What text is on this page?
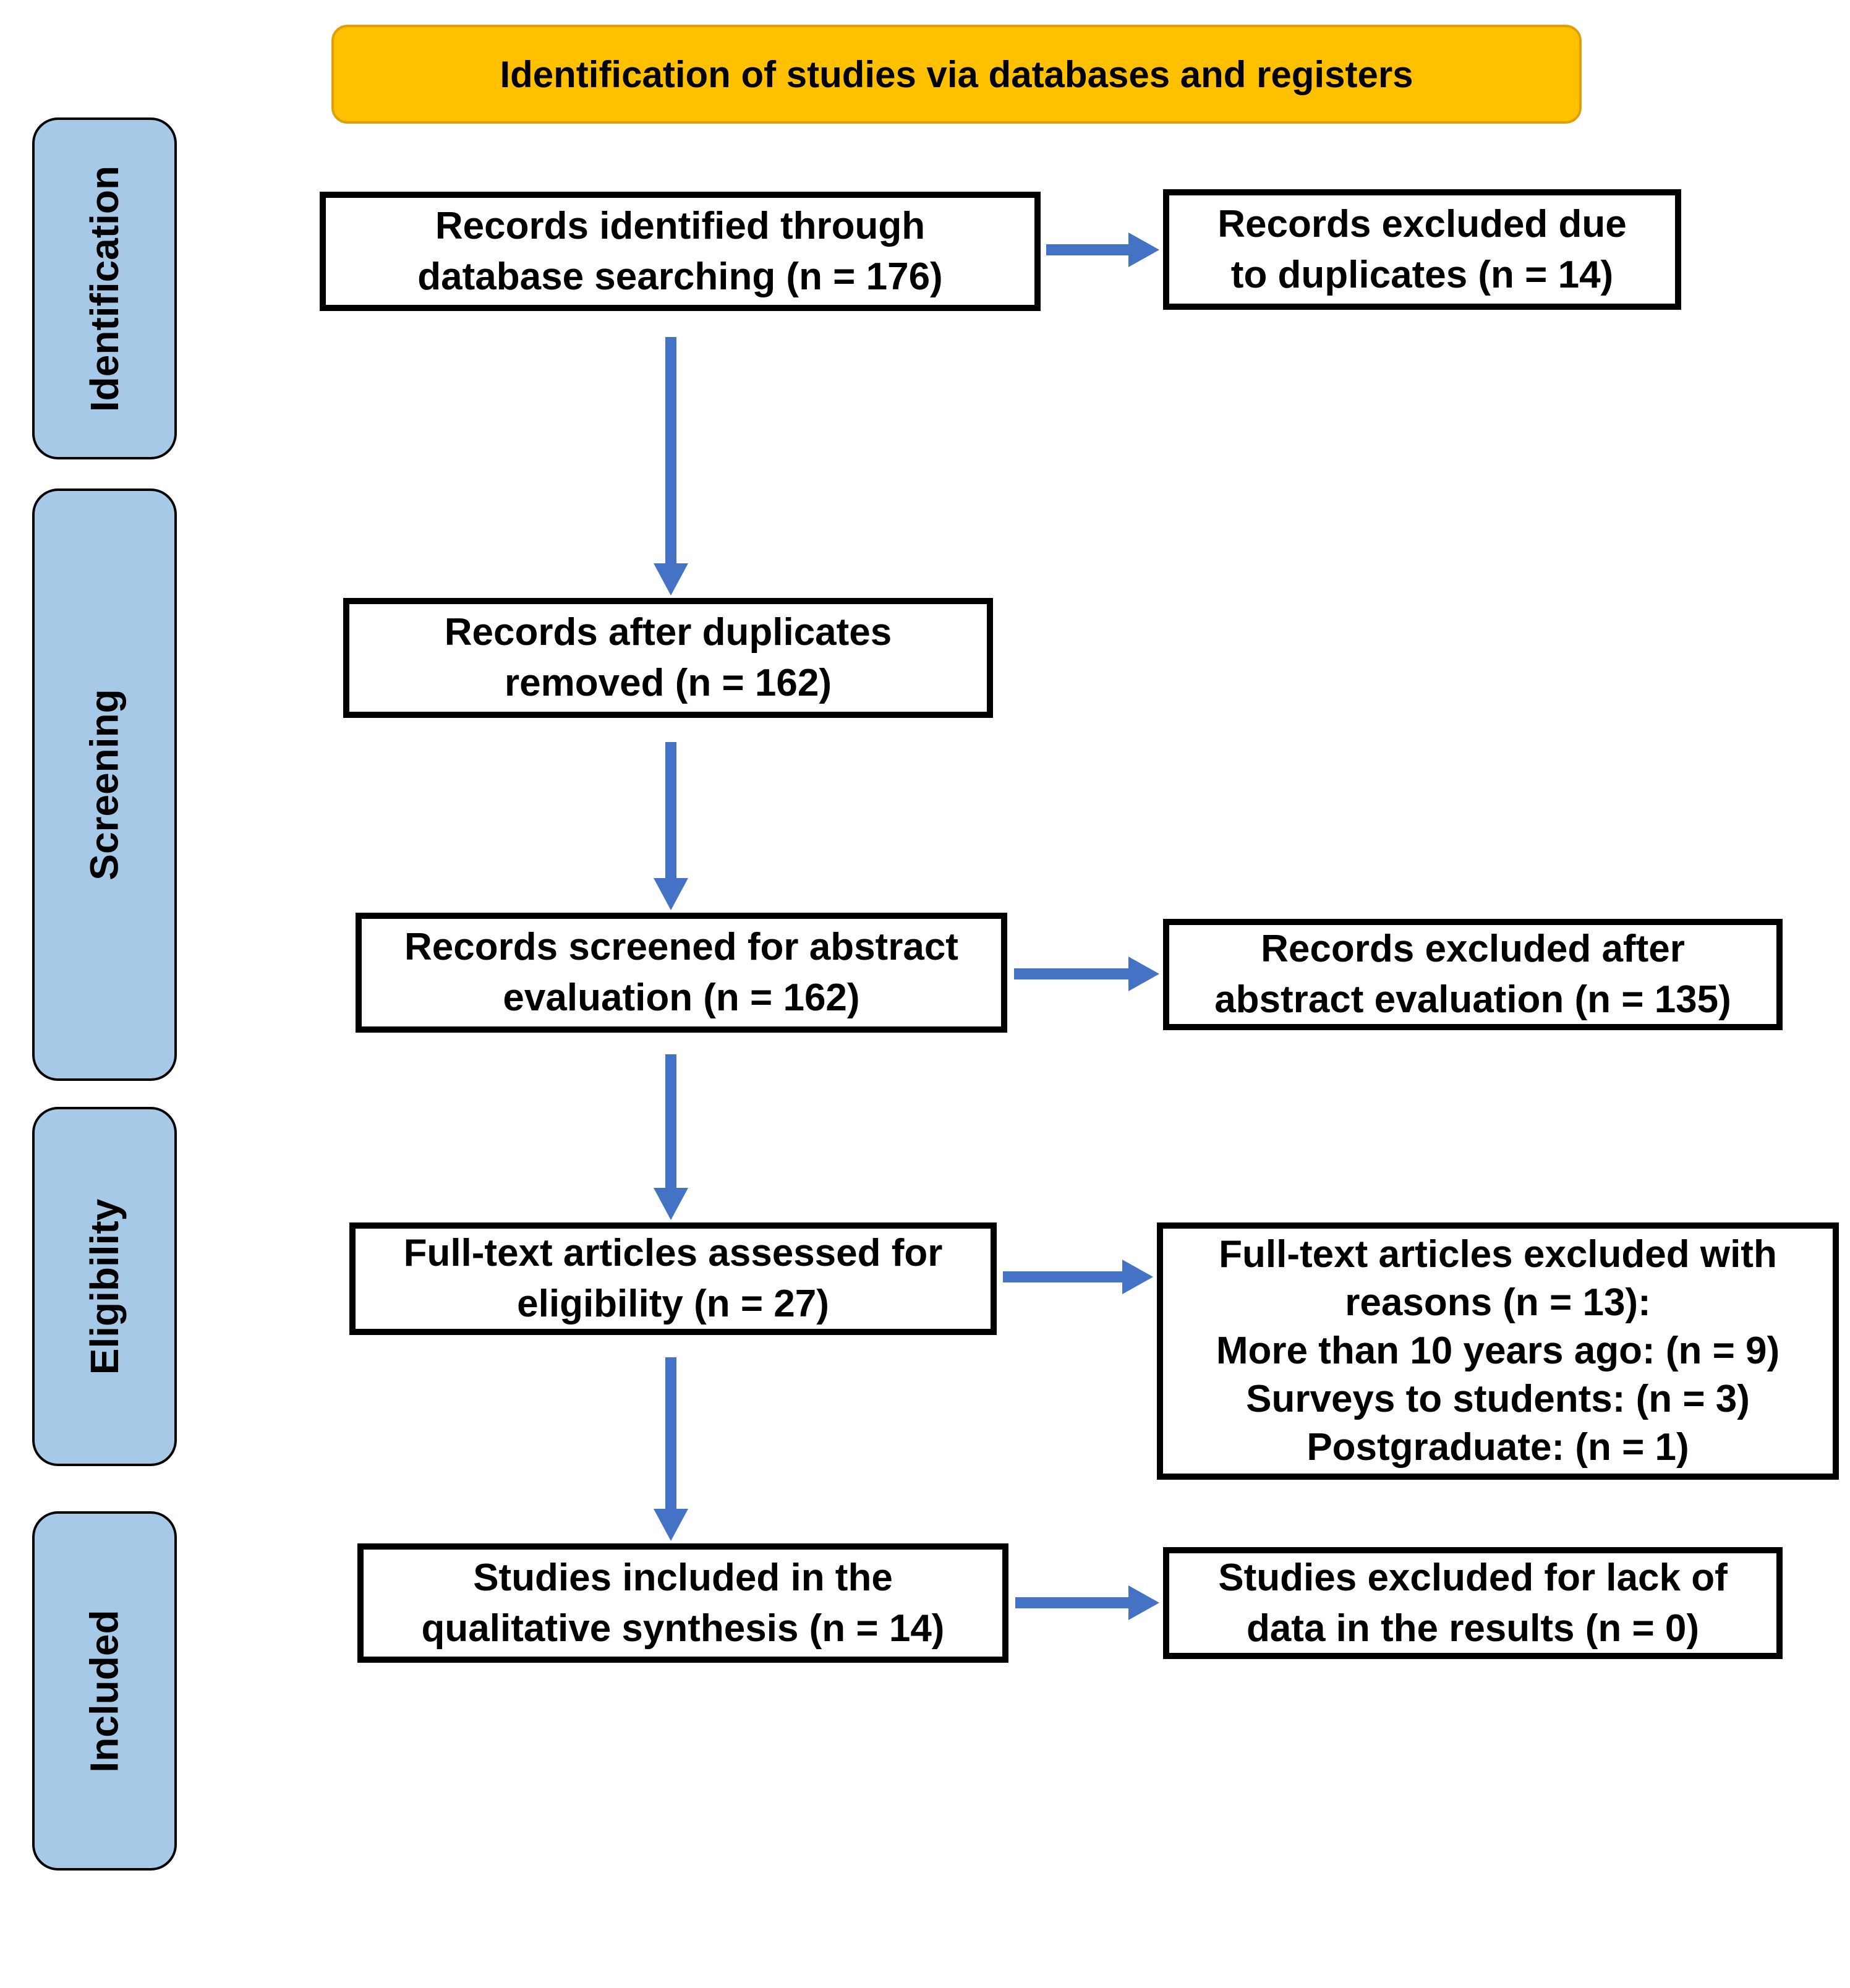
Identification of studies via databases and registers
Identification
Screening
Eligibility
Included
Records identified through
database searching (n = 176)
Records after duplicates
removed (n = 162)
Records screened for abstract
evaluation (n = 162)
Full-text articles assessed for
eligibility (n = 27)
Studies included in the
qualitative synthesis (n = 14)
Records excluded due
to duplicates (n = 14)
Records excluded after
abstract evaluation (n = 135)
Full-text articles excluded with
reasons (n = 13):
More than 10 years ago: (n = 9)
Surveys to students: (n = 3)
Postgraduate: (n = 1)
Studies excluded for lack of
data in the results (n = 0)
